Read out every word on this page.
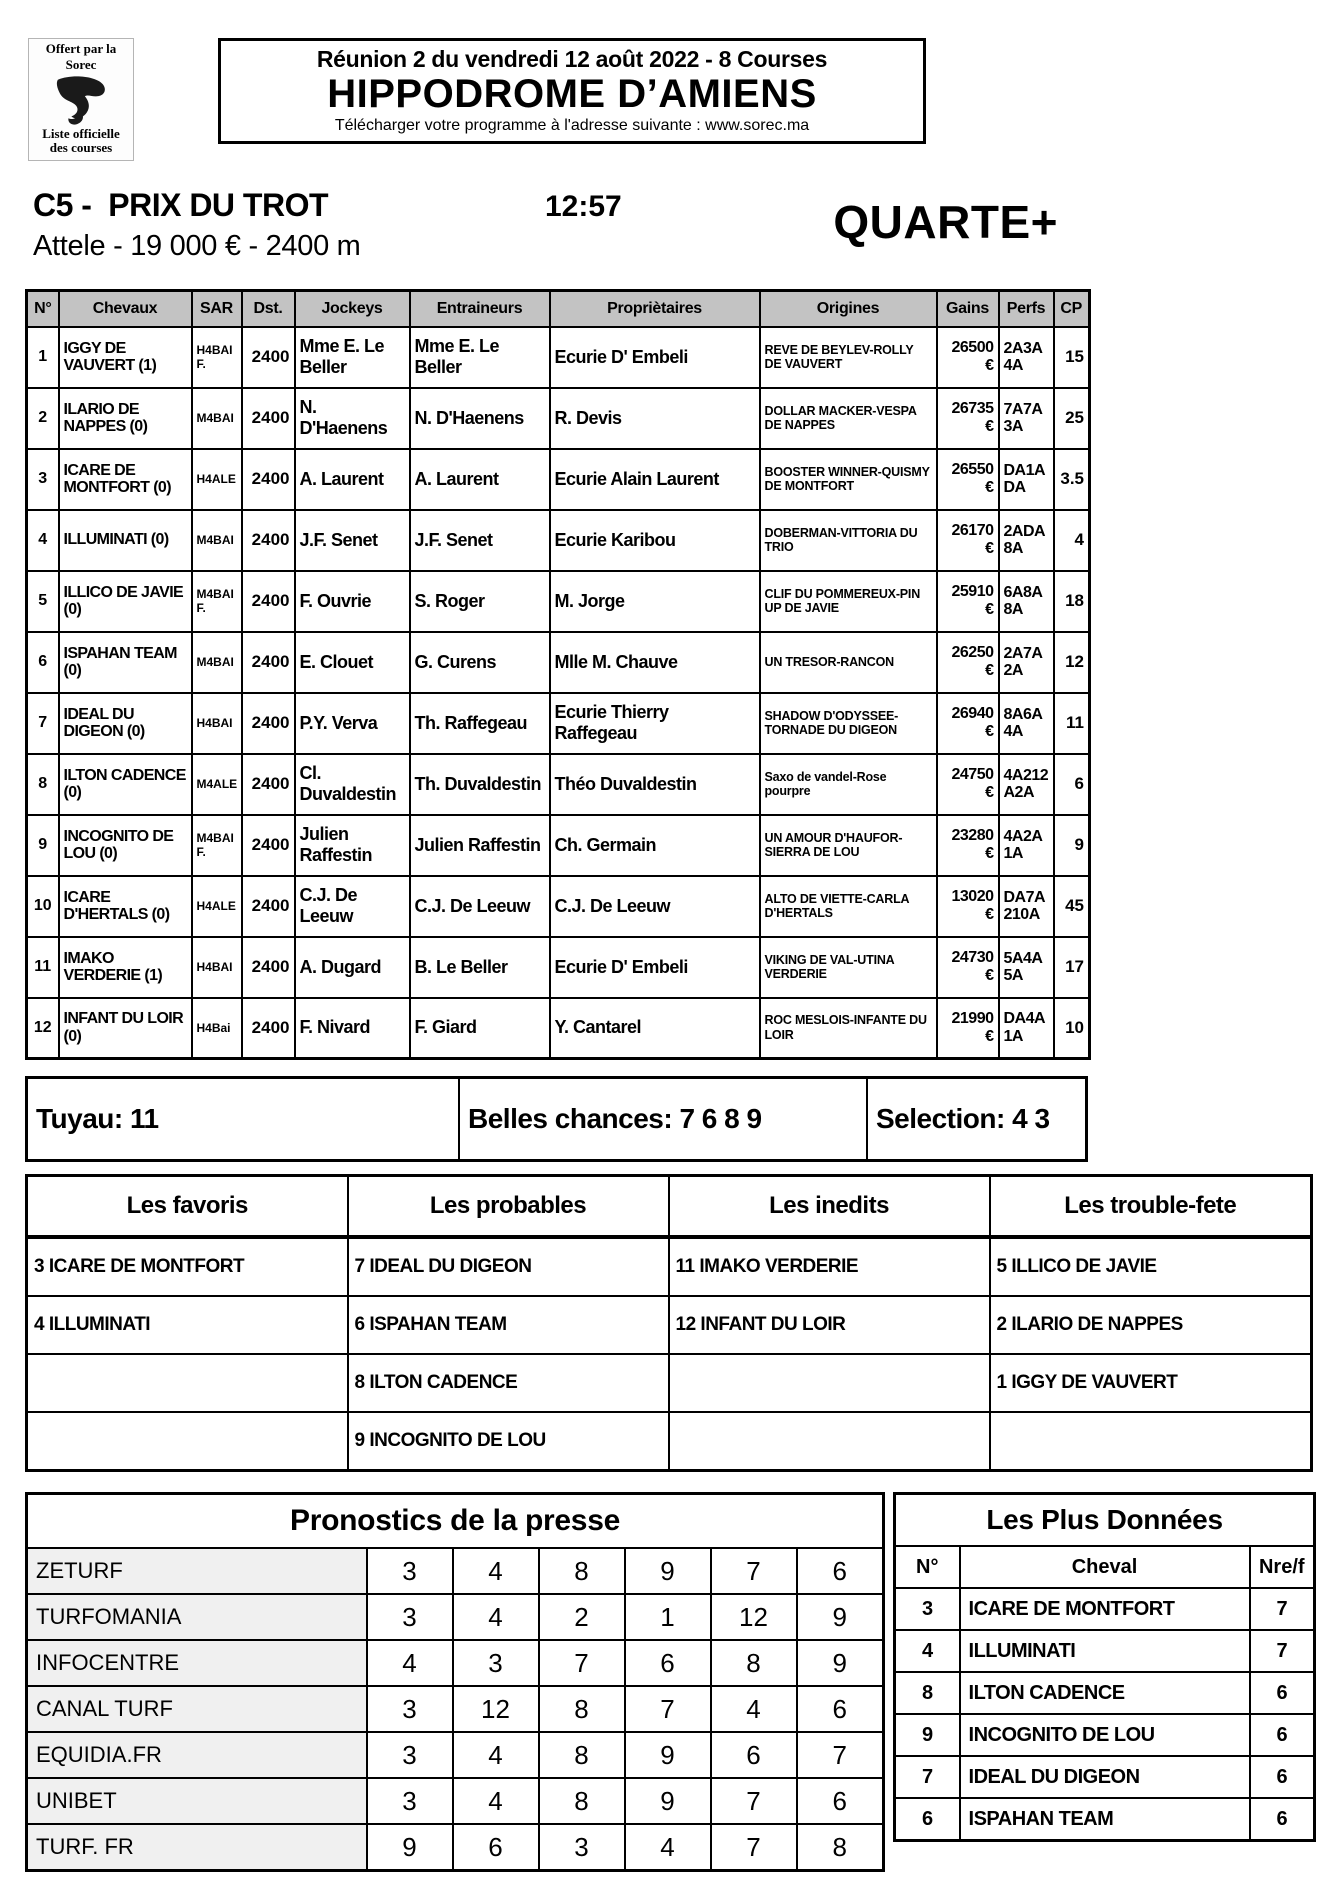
Offert par la Sorec
Liste officielle
des courses
Réunion 2 du vendredi 12 août 2022 - 8 Courses
HIPPODROME D’AMIENS
Télécharger votre programme à l'adresse suivante : www.sorec.ma
C5 -  PRIX DU TROT	12:57
Attele - 19 000 € - 2400 m	QUARTE+
N°	Chevaux	SAR	Dst.	Jockeys	Entraineurs	Propriètaires	Origines	Gains	Perfs	CP
1	IGGY DE VAUVERT (1)	H4BAI F.	2400	Mme E. Le Beller	Mme E. Le Beller	Ecurie D' Embeli	REVE DE BEYLEV-ROLLY DE VAUVERT	26500 €	2A3A4A	15
2	ILARIO DE NAPPES (0)	M4BAI	2400	N. D'Haenens	N. D'Haenens	R. Devis	DOLLAR MACKER-VESPA DE NAPPES	26735 €	7A7A3A	25
3	ICARE DE MONTFORT (0)	H4ALE	2400	A. Laurent	A. Laurent	Ecurie Alain Laurent	BOOSTER WINNER-QUISMY DE MONTFORT	26550 €	DA1ADA	3.5
4	ILLUMINATI (0)	M4BAI	2400	J.F. Senet	J.F. Senet	Ecurie Karibou	DOBERMAN-VITTORIA DU TRIO	26170 €	2ADA8A	4
5	ILLICO DE JAVIE (0)	M4BAI F.	2400	F. Ouvrie	S. Roger	M. Jorge	CLIF DU POMMEREUX-PIN UP DE JAVIE	25910 €	6A8A8A	18
6	ISPAHAN TEAM (0)	M4BAI	2400	E. Clouet	G. Curens	Mlle M. Chauve	UN TRESOR-RANCON	26250 €	2A7A2A	12
7	IDEAL DU DIGEON (0)	H4BAI	2400	P.Y. Verva	Th. Raffegeau	Ecurie Thierry Raffegeau	SHADOW D'ODYSSEE-TORNADE DU DIGEON	26940 €	8A6A4A	11
8	ILTON CADENCE (0)	M4ALE	2400	Cl. Duvaldestin	Th. Duvaldestin	Théo Duvaldestin	Saxo de vandel-Rose pourpre	24750 €	4A212A2A	6
9	INCOGNITO DE LOU (0)	M4BAI F.	2400	Julien Raffestin	Julien Raffestin	Ch. Germain	UN AMOUR D'HAUFOR-SIERRA DE LOU	23280 €	4A2A1A	9
10	ICARE D'HERTALS (0)	H4ALE	2400	C.J. De Leeuw	C.J. De Leeuw	C.J. De Leeuw	ALTO DE VIETTE-CARLA D'HERTALS	13020 €	DA7A210A	45
11	IMAKO VERDERIE (1)	H4BAI	2400	A. Dugard	B. Le Beller	Ecurie D' Embeli	VIKING DE VAL-UTINA VERDERIE	24730 €	5A4A5A	17
12	INFANT DU LOIR (0)	H4Bai	2400	F. Nivard	F. Giard	Y. Cantarel	ROC MESLOIS-INFANTE DU LOIR	21990 €	DA4A1A	10
Tuyau: 11	Belles chances: 7 6 8 9	Selection: 4 3
Les favoris	Les probables	Les inedits	Les trouble-fete
3 ICARE DE MONTFORT	7 IDEAL DU DIGEON	11 IMAKO VERDERIE	5 ILLICO DE JAVIE
4 ILLUMINATI	6 ISPAHAN TEAM	12 INFANT DU LOIR	2 ILARIO DE NAPPES
	8 ILTON CADENCE		1 IGGY DE VAUVERT
	9 INCOGNITO DE LOU		
Pronostics de la presse						
ZETURF	3	4	8	9	7	6
TURFOMANIA	3	4	2	1	12	9
INFOCENTRE	4	3	7	6	8	9
CANAL TURF	3	12	8	7	4	6
EQUIDIA.FR	3	4	8	9	6	7
UNIBET	3	4	8	9	7	6
TURF. FR	9	6	3	4	7	8
Les Plus Données		
N°	Cheval	Nre/f
3	ICARE DE MONTFORT	7
4	ILLUMINATI	7
8	ILTON CADENCE	6
9	INCOGNITO DE LOU	6
7	IDEAL DU DIGEON	6
6	ISPAHAN TEAM	6
